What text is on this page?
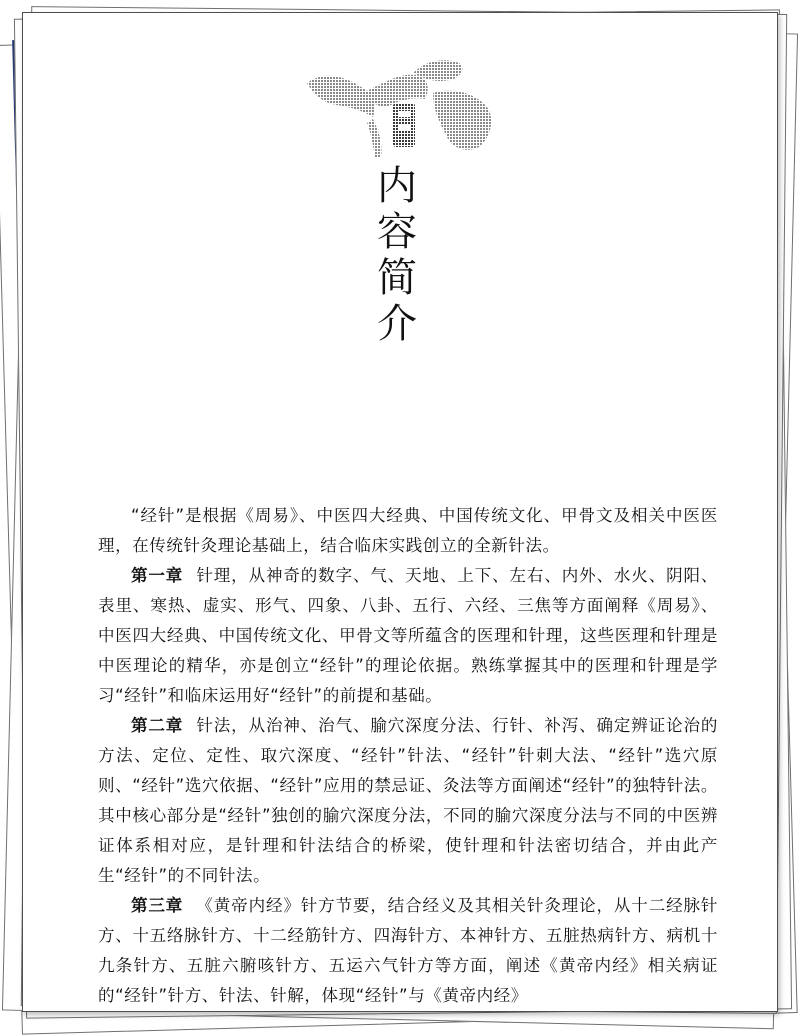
内
容
简
介

“经针”是根据《周易》、中医四大经典、中国传统文化、甲骨文及相关中医医理，在传统针灸理论基础上，结合临床实践创立的全新针法。

第一章 针理，从神奇的数字、气、天地、上下、左右、内外、水火、阴阳、表里、寒热、虚实、形气、四象、八卦、五行、六经、三焦等方面阐释《周易》、中医四大经典、中国传统文化、甲骨文等所蕴含的医理和针理，这些医理和针理是中医理论的精华，亦是创立“经针”的理论依据。熟练掌握其中的医理和针理是学习“经针”和临床运用好“经针”的前提和基础。

第二章 针法，从治神、治气、腧穴深度分法、行针、补泻、确定辨证论治的方法、定位、定性、取穴深度、“经针”针法、“经针”针刺大法、“经针”选穴原则、“经针”选穴依据、“经针”应用的禁忌证、灸法等方面阐述“经针”的独特针法。其中核心部分是“经针”独创的腧穴深度分法，不同的腧穴深度分法与不同的中医辨证体系相对应，是针理和针法结合的桥梁，使针理和针法密切结合，并由此产生“经针”的不同针法。

第三章 《黄帝内经》针方节要，结合经义及其相关针灸理论，从十二经脉针方、十五络脉针方、十二经筋针方、四海针方、本神针方、五脏热病针方、病机十九条针方、五脏六腑咳针方、五运六气针方等方面，阐述《黄帝内经》相关病证的“经针”针方、针法、针解，体现“经针”与《黄帝内经》
